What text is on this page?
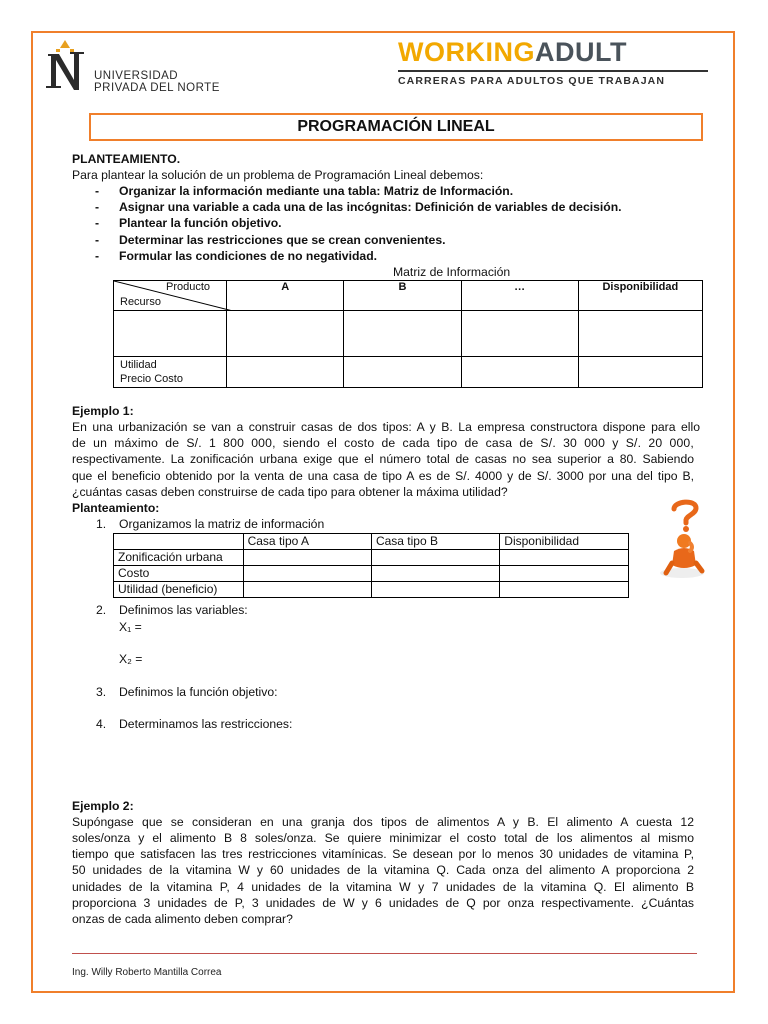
UNIVERSIDAD
PRIVADA DEL NORTE
WORKINGADULT
CARRERAS PARA ADULTOS QUE TRABAJAN
PROGRAMACIÓN LINEAL
PLANTEAMIENTO.
Para plantear la solución de un problema de Programación Lineal debemos:
- Organizar la información mediante una tabla: Matriz de Información.
- Asignar una variable a cada una de las incógnitas: Definición de variables de decisión.
- Plantear la función objetivo.
- Determinar las restricciones que se crean convenientes.
- Formular las condiciones de no negatividad.
Matriz de Información
Producto
Recurso	A	B	…	Disponibilidad

Utilidad
Precio Costo				

Ejemplo 1:
En una urbanización se van a construir casas de dos tipos: A y B. La empresa constructora dispone para ello
de un máximo de S/. 1 800 000, siendo el costo de cada tipo de casa de S/. 30 000 y S/. 20 000,
respectivamente. La zonificación urbana exige que el número total de casas no sea superior a 80. Sabiendo
que el beneficio obtenido por la venta de una casa de tipo A es de S/. 4000 y de S/. 3000 por una del tipo B,
¿cuántas casas deben construirse de cada tipo para obtener la máxima utilidad?
Planteamiento:
1. Organizamos la matriz de información
	Casa tipo A	Casa tipo B	Disponibilidad
Zonificación urbana			
Costo			
Utilidad (beneficio)			
2. Definimos las variables:
X₁ =
X₂ =
3. Definimos la función objetivo:
4. Determinamos las restricciones:
Ejemplo 2:
Supóngase que se consideran en una granja dos tipos de alimentos A y B. El alimento A cuesta 12
soles/onza y el alimento B 8 soles/onza. Se quiere minimizar el costo total de los alimentos al mismo
tiempo que satisfacen las tres restricciones vitamínicas. Se desean por lo menos 30 unidades de vitamina P,
50 unidades de la vitamina W y 60 unidades de la vitamina Q. Cada onza del alimento A proporciona 2
unidades de la vitamina P, 4 unidades de la vitamina W y 7 unidades de la vitamina Q. El alimento B
proporciona 3 unidades de P, 3 unidades de W y 6 unidades de Q por onza respectivamente. ¿Cuántas
onzas de cada alimento deben comprar?
Ing. Willy Roberto Mantilla Correa
